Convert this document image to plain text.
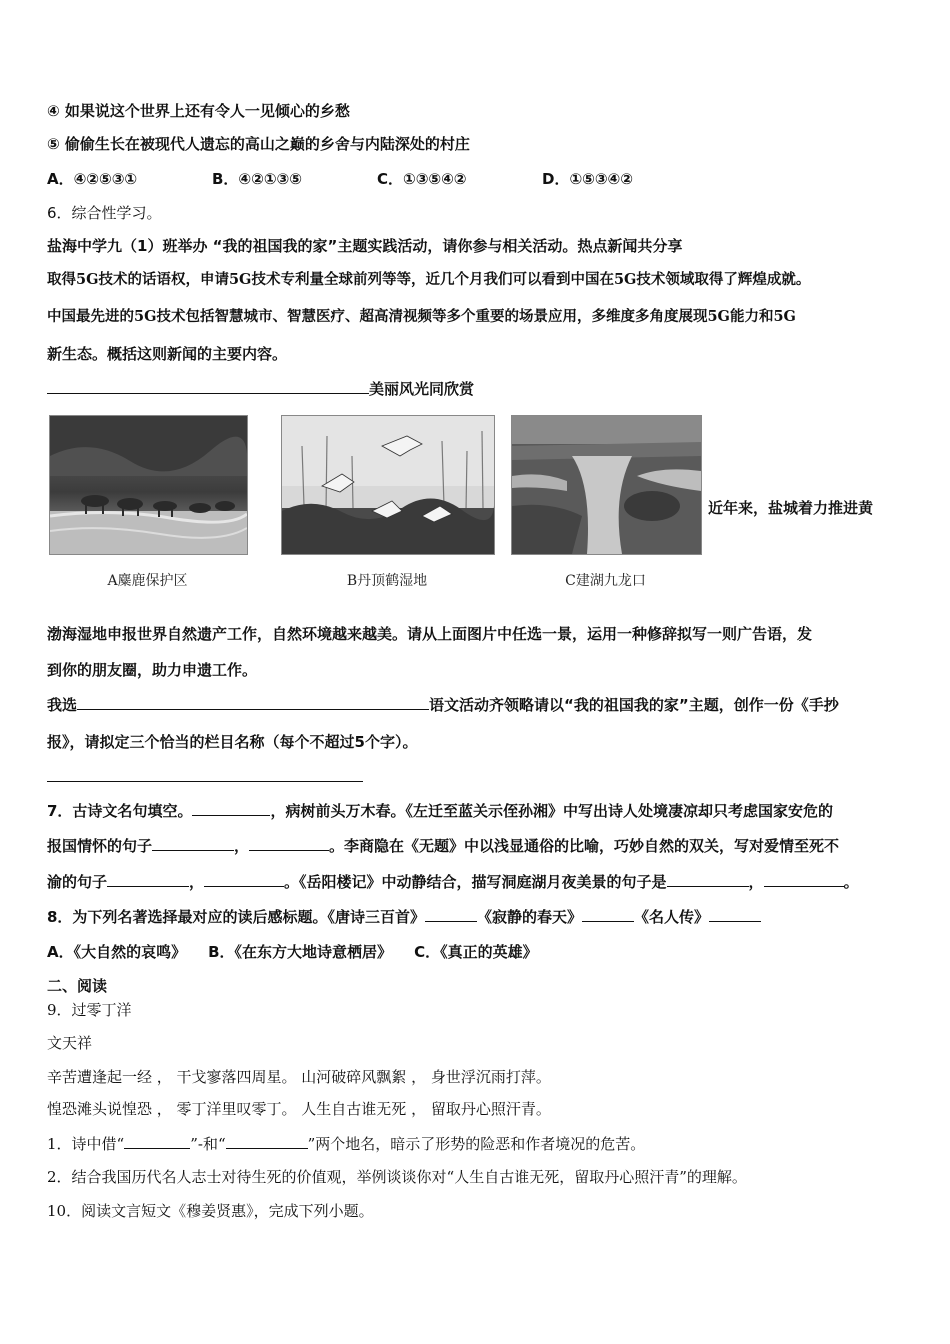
④ 如果说这个世界上还有令人一见倾心的乡愁
⑤ 偷偷生长在被现代人遗忘的高山之巅的乡舍与内陆深处的村庄
A．④②⑤③①	B．④②①③⑤	C．①③⑤④②	D．①⑤③④②
6．综合性学习。
盐海中学九（1）班举办 “我的祖国我的家”主题实践活动，请你参与相关活动。热点新闻共分享
取得5G技术的话语权，申请5G技术专利量全球前列等等，近几个月我们可以看到中国在5G技术领域取得了辉煌成就。
中国最先进的5G技术包括智慧城市、智慧医疗、超高清视频等多个重要的场景应用，多维度多角度展现5G能力和5G
新生态。概括这则新闻的主要内容。
美丽风光同欣赏
近年来，盐城着力推进黄
A麋鹿保护区	B丹顶鹤湿地	C建湖九龙口
渤海湿地申报世界自然遗产工作，自然环境越来越美。请从上面图片中任选一景，运用一种修辞拟写一则广告语，发
到你的朋友圈，助力申遗工作。
我选	语文活动齐领略请以“我的祖国我的家”主题，创作一份《手抄
报》，请拟定三个恰当的栏目名称（每个不超过5个字）。
7．古诗文名句填空。	，病树前头万木春。《左迁至蓝关示侄孙湘》中写出诗人处境凄凉却只考虑国家安危的
报国情怀的句子	，	。李商隐在《无题》中以浅显通俗的比喻，巧妙自然的双关，写对爱情至死不
渝的句子	，	。《岳阳楼记》中动静结合，描写洞庭湖月夜美景的句子是	，	。
8．为下列名著选择最对应的读后感标题。《唐诗三百首》	《寂静的春天》	《名人传》
A．《大自然的哀鸣》 B．《在东方大地诗意栖居》 C．《真正的英雄》
二、阅读
9．过零丁洋
文天祥
辛苦遭逢起一经 ， 干戈寥落四周星。 山河破碎风飘絮 ， 身世浮沉雨打萍。
惶恐滩头说惶恐 ， 零丁洋里叹零丁。 人生自古谁无死 ， 留取丹心照汗青。
1．诗中借“	”-和“	”两个地名，暗示了形势的险恶和作者境况的危苦。
2．结合我国历代名人志士对待生死的价值观，举例谈谈你对“人生自古谁无死，留取丹心照汗青”的理解。
10．阅读文言短文《穆姜贤惠》，完成下列小题。
